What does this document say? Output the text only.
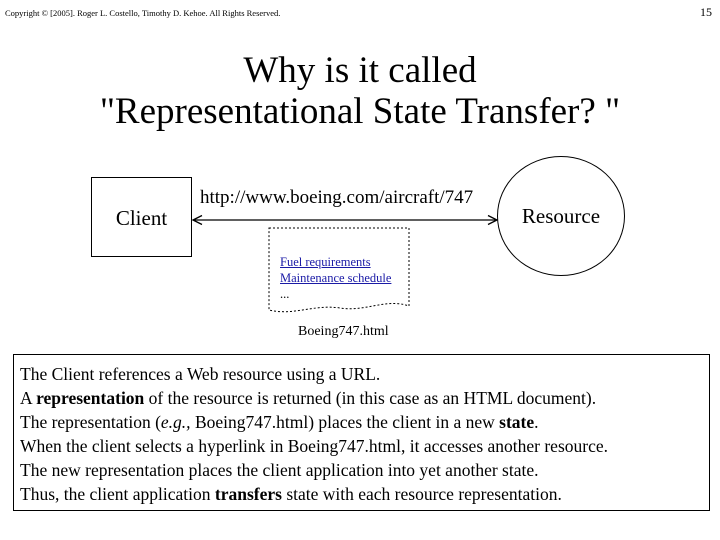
Copyright © [2005]. Roger L. Costello, Timothy D. Kehoe. All Rights Reserved.	15
Why is it called
"Representational State Transfer? "
Client	Resource
http://www.boeing.com/aircraft/747
Fuel requirements
Maintenance schedule
...
Boeing747.html

The Client references a Web resource using a URL.

A representation of the resource is returned (in this case as an HTML document).

The representation (e.g., Boeing747.html) places the client in a new state.

When the client selects a hyperlink in Boeing747.html, it accesses another resource.

The new representation places the client application into yet another state.

Thus, the client application transfers state with each resource representation.
